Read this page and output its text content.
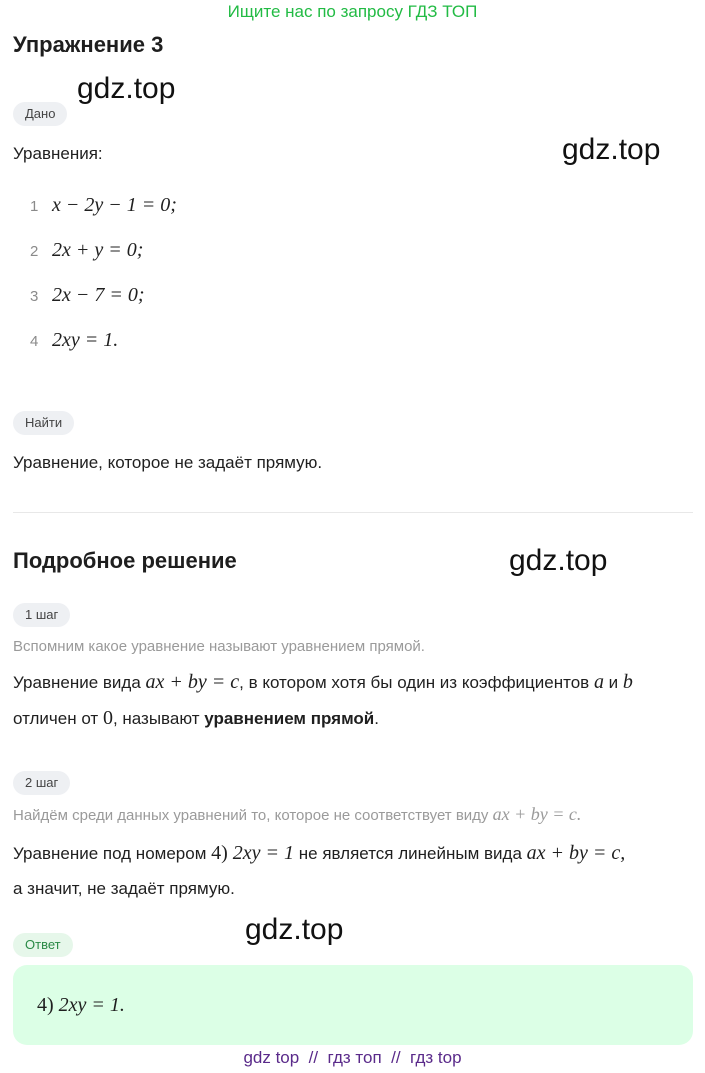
Ищите нас по запросу ГДЗ ТОП
Упражнение 3
gdz.top
gdz.top
gdz.top
gdz.top
Дано
Уравнения:
1 x − 2y − 1 = 0;
2 2x + y = 0;
3 2x − 7 = 0;
4 2xy = 1.
Найти
Уравнение, которое не задаёт прямую.
Подробное решение
1 шаг
Вспомним какое уравнение называют уравнением прямой.
Уравнение вида ax + by = c, в котором хотя бы один из коэффициентов a и b
отличен от 0, называют уравнением прямой.
2 шаг
Найдём среди данных уравнений то, которое не соответствует виду ax + by = c.
Уравнение под номером 4) 2xy = 1 не является линейным вида ax + by = c,
а значит, не задаёт прямую.
Ответ
4) 2xy = 1.
gdz top  //  гдз топ  //  гдз top
